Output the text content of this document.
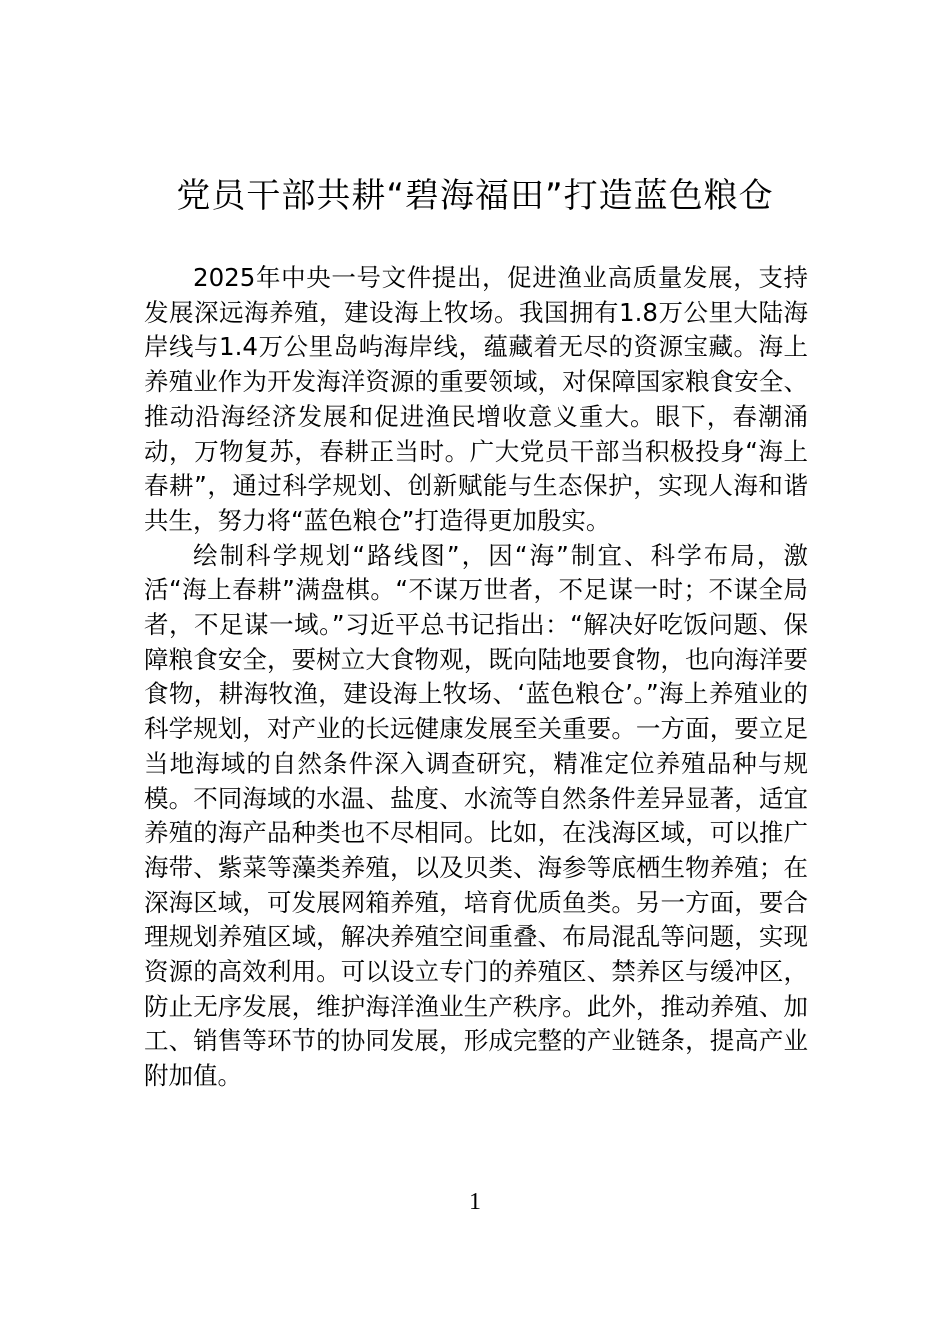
党员干部共耕“碧海福田”打造蓝色粮仓

2025年中央一号文件提出，促进渔业高质量发展，支持发展深远海养殖，建设海上牧场。我国拥有1.8万公里大陆海岸线与1.4万公里岛屿海岸线，蕴藏着无尽的资源宝藏。海上养殖业作为开发海洋资源的重要领域，对保障国家粮食安全、推动沿海经济发展和促进渔民增收意义重大。眼下，春潮涌动，万物复苏，春耕正当时。广大党员干部当积极投身“海上春耕”，通过科学规划、创新赋能与生态保护，实现人海和谐共生，努力将“蓝色粮仓”打造得更加殷实。

绘制科学规划“路线图”，因“海”制宜、科学布局，激活“海上春耕”满盘棋。“不谋万世者，不足谋一时；不谋全局者，不足谋一域。”习近平总书记指出：“解决好吃饭问题、保障粮食安全，要树立大食物观，既向陆地要食物，也向海洋要食物，耕海牧渔，建设海上牧场、‘蓝色粮仓’。”海上养殖业的科学规划，对产业的长远健康发展至关重要。一方面，要立足当地海域的自然条件深入调查研究，精准定位养殖品种与规模。不同海域的水温、盐度、水流等自然条件差异显著，适宜养殖的海产品种类也不尽相同。比如，在浅海区域，可以推广海带、紫菜等藻类养殖，以及贝类、海参等底栖生物养殖；在深海区域，可发展网箱养殖，培育优质鱼类。另一方面，要合理规划养殖区域，解决养殖空间重叠、布局混乱等问题，实现资源的高效利用。可以设立专门的养殖区、禁养区与缓冲区，防止无序发展，维护海洋渔业生产秩序。此外，推动养殖、加工、销售等环节的协同发展，形成完整的产业链条，提高产业附加值。

1
